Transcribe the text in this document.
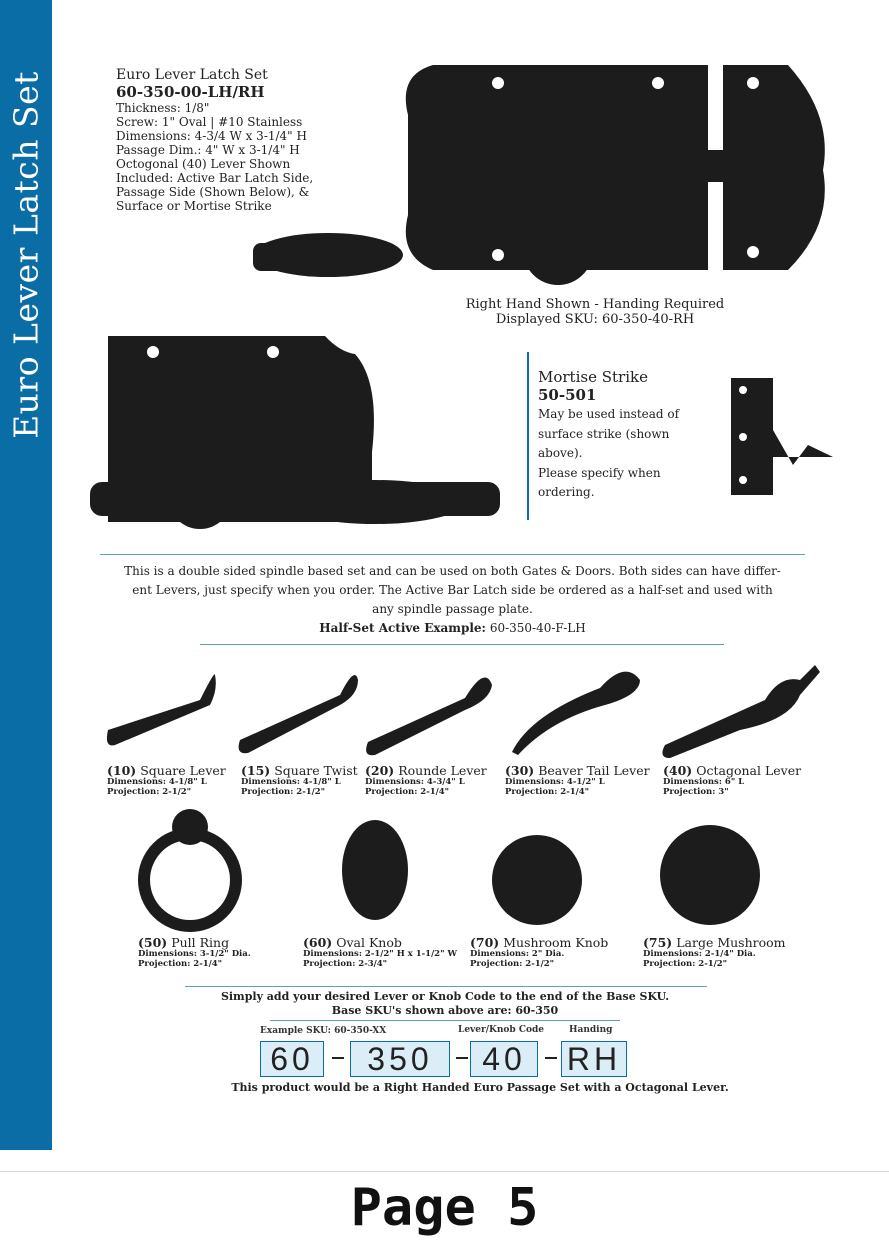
Euro Lever Latch Set	Euro Lever Latch Set
60-350-00-LH/RH
Thickness: 1/8"
Screw: 1" Oval | #10 Stainless
Dimensions: 4-3/4 W x 3-1/4" H
Passage Dim.: 4" W x 3-1/4" H
Octogonal (40) Lever Shown
Included: Active Bar Latch Side,
Passage Side (Shown Below), &
Surface or Mortise Strike
Right Hand Shown - Handing Required
Displayed SKU: 60-350-40-RH
Mortise Strike
50-501
May be used instead of
surface strike (shown
above).
Please specify when
ordering.
This is a double sided spindle based set and can be used on both Gates & Doors. Both sides can have differ-
ent Levers, just specify when you order. The Active Bar Latch side be ordered as a half-set and used with
any spindle passage plate.
Half-Set Active Example: 60-350-40-F-LH
(10) Square Lever
Dimensions: 4-1/8" L
Projection: 2-1/2"
(15) Square Twist
Dimensions: 4-1/8" L
Projection: 2-1/2"
(20) Rounde Lever
Dimensions: 4-3/4" L
Projection: 2-1/4"
(30) Beaver Tail Lever
Dimensions: 4-1/2" L
Projection: 2-1/4"
(40) Octagonal Lever
Dimensions: 6" L
Projection: 3"
(50) Pull Ring
Dimensions: 3-1/2" Dia.
Projection: 2-1/4"
(60) Oval Knob
Dimensions: 2-1/2" H x 1-1/2" W
Projection: 2-3/4"
(70) Mushroom Knob
Dimensions: 2" Dia.
Projection: 2-1/2"
(75) Large Mushroom
Dimensions: 2-1/4" Dia.
Projection: 2-1/2"
Simply add your desired Lever or Knob Code to the end of the Base SKU.
Base SKU's shown above are: 60-350
Example SKU: 60-350-XX	Lever/Knob Code	Handing
60	350	40	RH
This product would be a Right Handed Euro Passage Set with a Octagonal Lever.
Page 5
